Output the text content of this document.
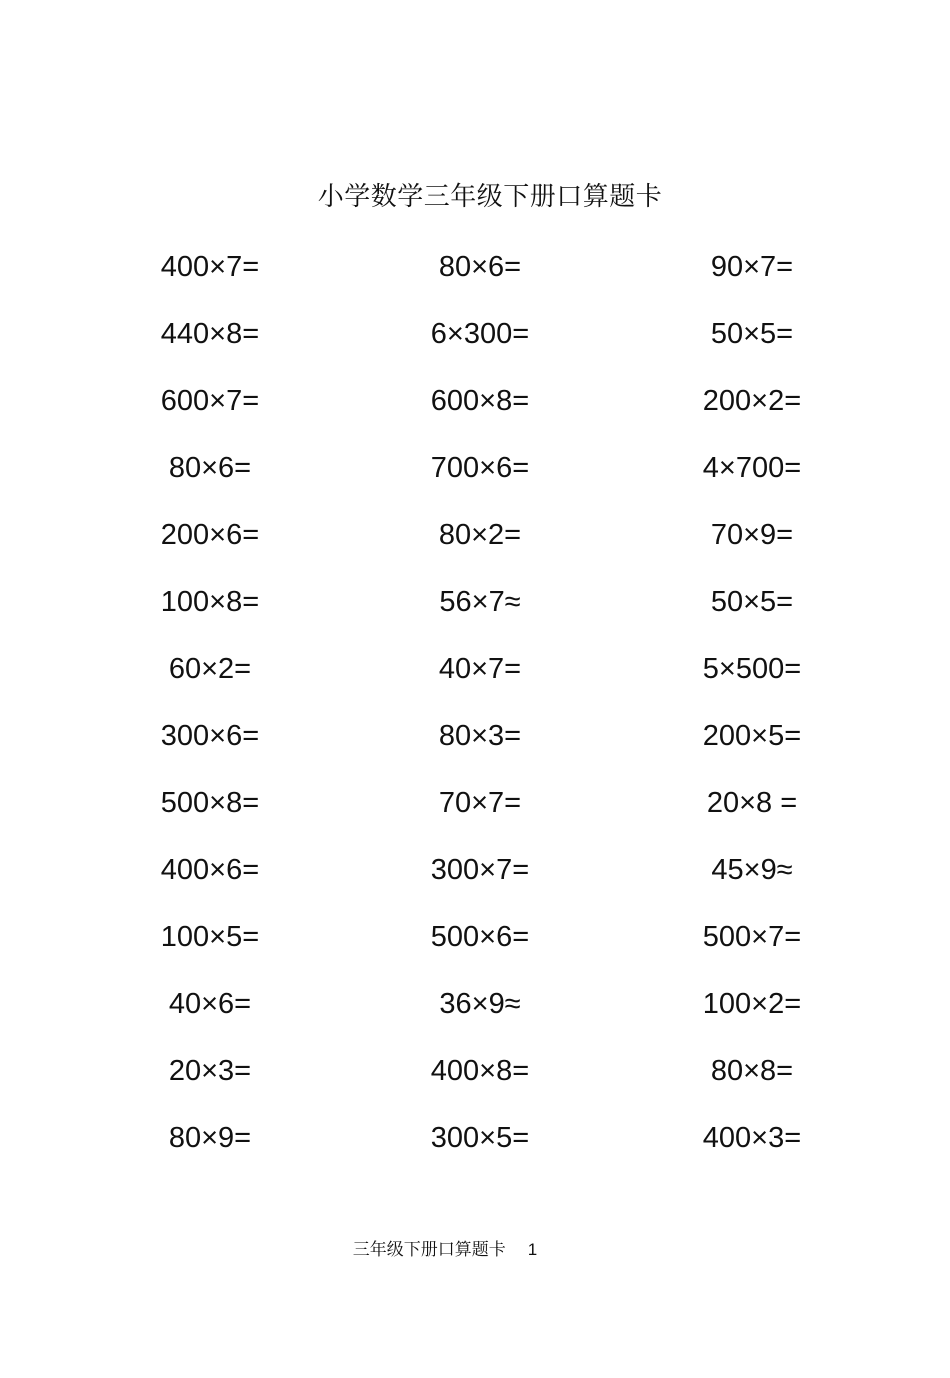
小学数学三年级下册口算题卡
400×7=	80×6=	90×7=
440×8=	6×300=	50×5=
600×7=	600×8=	200×2=
80×6=	700×6=	4×700=
200×6=	80×2=	70×9=
100×8=	56×7≈	50×5=
60×2=	40×7=	5×500=
300×6=	80×3=	200×5=
500×8=	70×7=	20×8 =
400×6=	300×7=	45×9≈
100×5=	500×6=	500×7=
40×6=	36×9≈	100×2=
20×3=	400×8=	80×8=
80×9=	300×5=	400×3=
三年级下册口算题卡 1
